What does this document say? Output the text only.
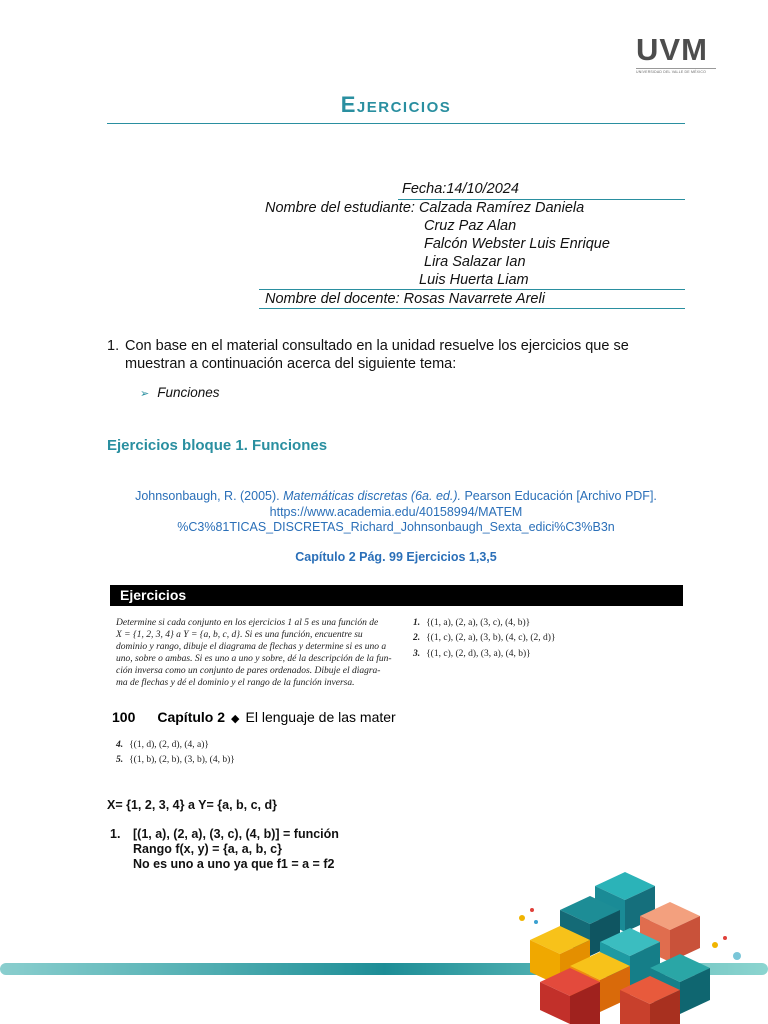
UVM
UNIVERSIDAD DEL VALLE DE MÉXICO
Ejercicios
Fecha:14/10/2024
Nombre del estudiante: Calzada Ramírez Daniela
Cruz Paz Alan
Falcón Webster Luis Enrique
Lira Salazar Ian
Luis Huerta Liam
Nombre del docente: Rosas Navarrete Areli
1. Con base en el material consultado en la unidad resuelve los ejercicios que se muestran a continuación acerca del siguiente tema:
➢ Funciones
Ejercicios bloque 1. Funciones
Johnsonbaugh, R. (2005). Matemáticas discretas (6a. ed.). Pearson Educación [Archivo PDF].
https://www.academia.edu/40158994/MATEM
%C3%81TICAS_DISCRETAS_Richard_Johnsonbaugh_Sexta_edici%C3%B3n
Capítulo 2 Pág. 99 Ejercicios 1,3,5
Ejercicios
Determine si cada conjunto en los ejercicios 1 al 5 es una función de
X = {1, 2, 3, 4} a Y = {a, b, c, d}. Si es una función, encuentre su
dominio y rango, dibuje el diagrama de flechas y determine si es uno a
uno, sobre o ambas. Si es uno a uno y sobre, dé la descripción de la fun-
ción inversa como un conjunto de pares ordenados. Dibuje el diagra-
ma de flechas y dé el dominio y el rango de la función inversa.
1. {(1, a), (2, a), (3, c), (4, b)}
2. {(1, c), (2, a), (3, b), (4, c), (2, d)}
3. {(1, c), (2, d), (3, a), (4, b)}
100 Capítulo 2 ◆ El lenguaje de las mater
4. {(1, d), (2, d), (4, a)}
5. {(1, b), (2, b), (3, b), (4, b)}
X= {1, 2, 3, 4} a Y= {a, b, c, d}
1. [(1, a), (2, a), (3, c), (4, b)] = función
Rango f(x, y) = {a, a, b, c}
No es uno a uno ya que f1 = a = f2
